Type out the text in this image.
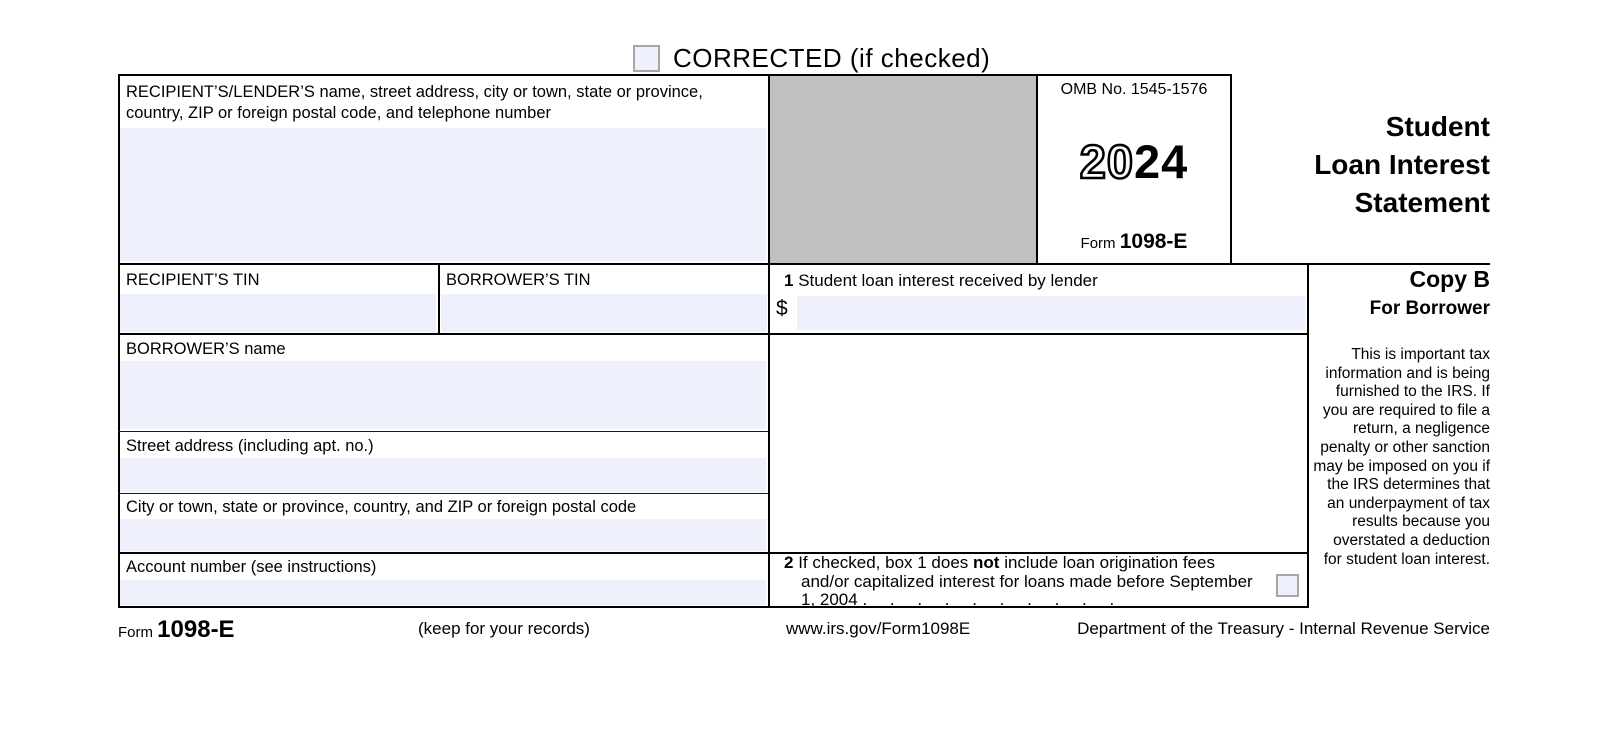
CORRECTED (if checked)
RECIPIENT’S/LENDER’S name, street address, city or town, state or province, country, ZIP or foreign postal code, and telephone number
OMB No. 1545-1576
2024
Form 1098-E
Student
Loan Interest
Statement
RECIPIENT’S TIN	BORROWER’S TIN	1 Student loan interest received by lender
$
Copy B
For Borrower
This is important tax information and is being furnished to the IRS. If you are required to file a return, a negligence penalty or other sanction may be imposed on you if the IRS determines that an underpayment of tax results because you overstated a deduction for student loan interest.
BORROWER’S name
Street address (including apt. no.)
City or town, state or province, country, and ZIP or foreign postal code
Account number (see instructions)	2 If checked, box 1 does not include loan origination fees and/or capitalized interest for loans made before September 1, 2004 . . . . . . . . . .
Form 1098-E	(keep for your records)	www.irs.gov/Form1098E	Department of the Treasury - Internal Revenue Service
